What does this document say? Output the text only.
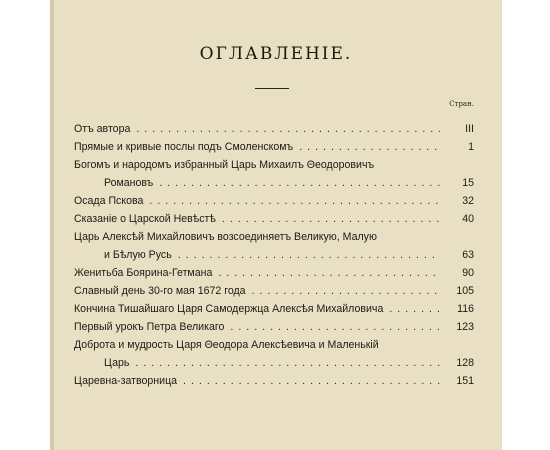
ОГЛАВЛЕНІЕ.
Стран.
Отъ автора .....	III
Прямые и кривые послы подъ Смоленскомъ .....	1
Богомъ и народомъ избранный Царь Михаилъ Θеодоровичъ
Романовъ .....	15
Осада Пскова .....	32
Сказаніе о Царской Невѣстѣ .....	40
Царь Алексѣй Михайловичъ возсоединяетъ Великую, Малую
и Бѣлую Русь .....	63
Женитьба Боярина-Гетмана .....	90
Славный день 30-го мая 1672 года .....	105
Кончина Тишайшаго Царя Самодержца Алексѣя Михайловича .....	116
Первый урокъ Петра Великаго .....	123
Доброта и мудрость Царя Θеодора Алексѣевича и Маленькій
Царь .....	128
Царевна-затворница .....	151
